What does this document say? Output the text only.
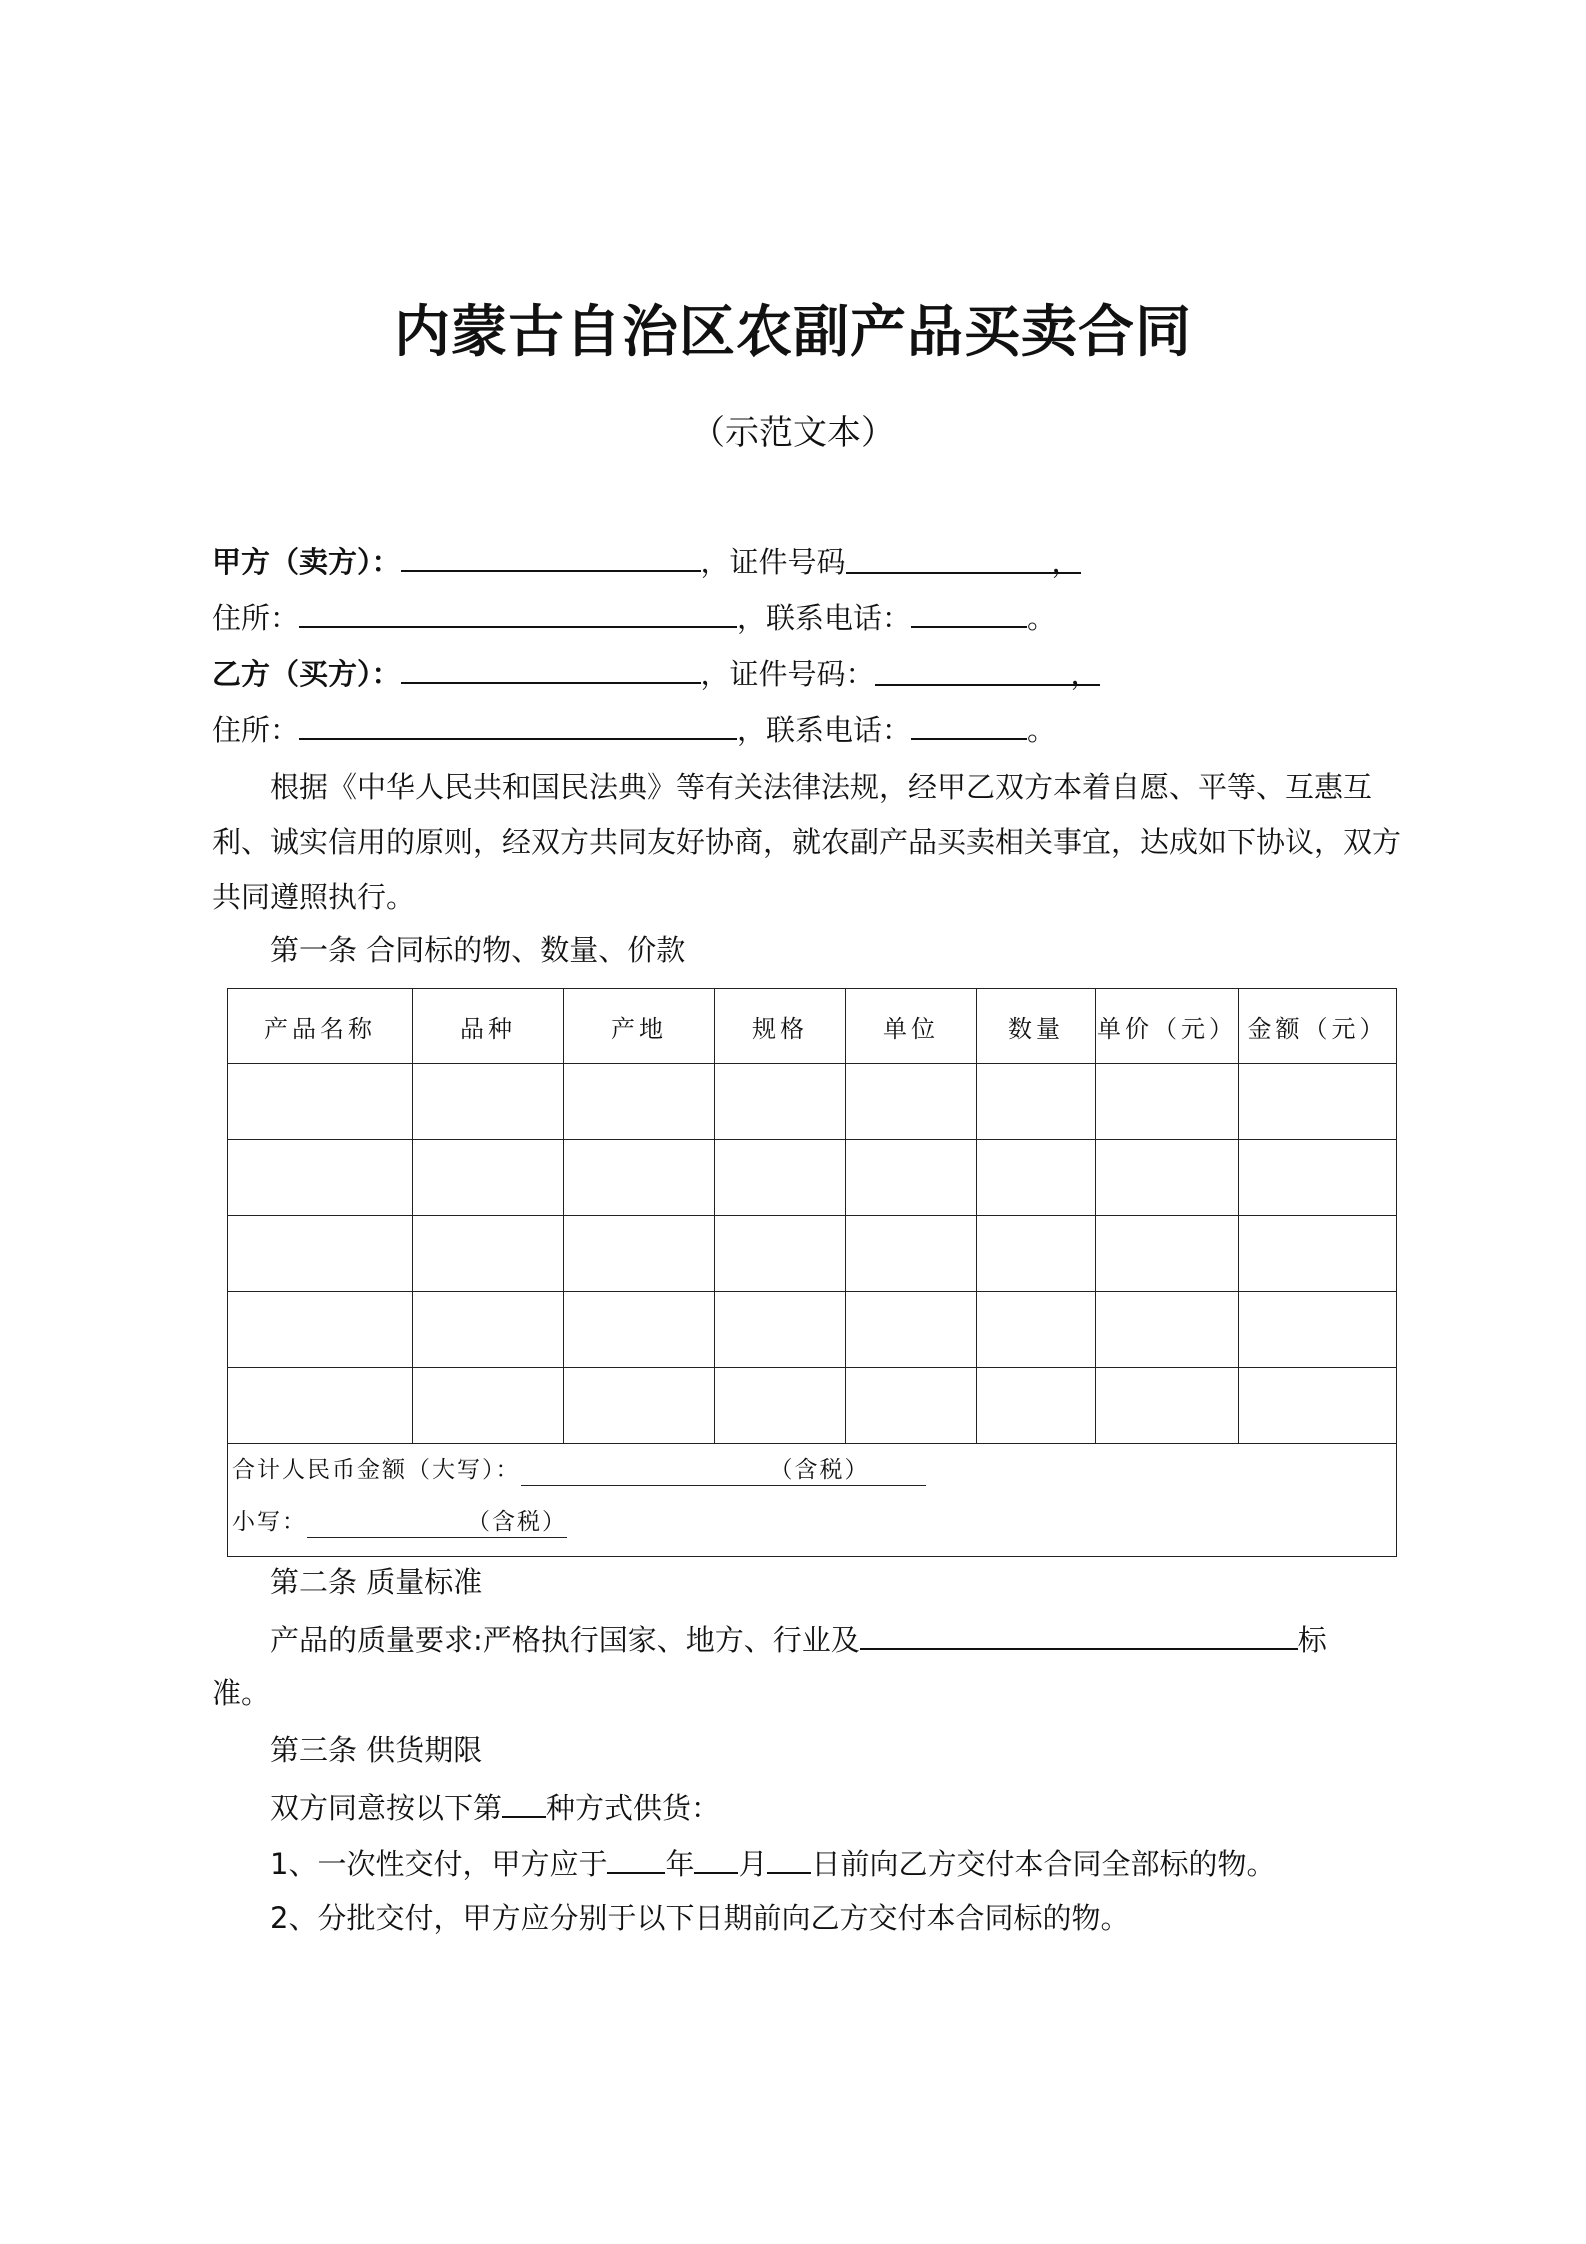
内蒙古自治区农副产品买卖合同
（示范文本）
甲方（卖方）：	，证件号码	，
住所：	，联系电话：	。
乙方（买方）：	，证件号码：	，
住所：	，联系电话：	。
根据《中华人民共和国民法典》等有关法律法规，经甲乙双方本着自愿、平等、互惠互利、诚实信用的原则，经双方共同友好协商，就农副产品买卖相关事宜，达成如下协议，双方共同遵照执行。
第一条 合同标的物、数量、价款
产品名称	品种	产地	规格	单位	数量	单价（元）	金额（元）

合计人民币金额（大写）： （含税）
小写： （含税）							
第二条 质量标准
产品的质量要求:严格执行国家、地方、行业及	标
准。
第三条 供货期限
双方同意按以下第 种方式供货：
1、一次性交付，甲方应于 年 月 日前向乙方交付本合同全部标的物。
2、分批交付，甲方应分别于以下日期前向乙方交付本合同标的物。
